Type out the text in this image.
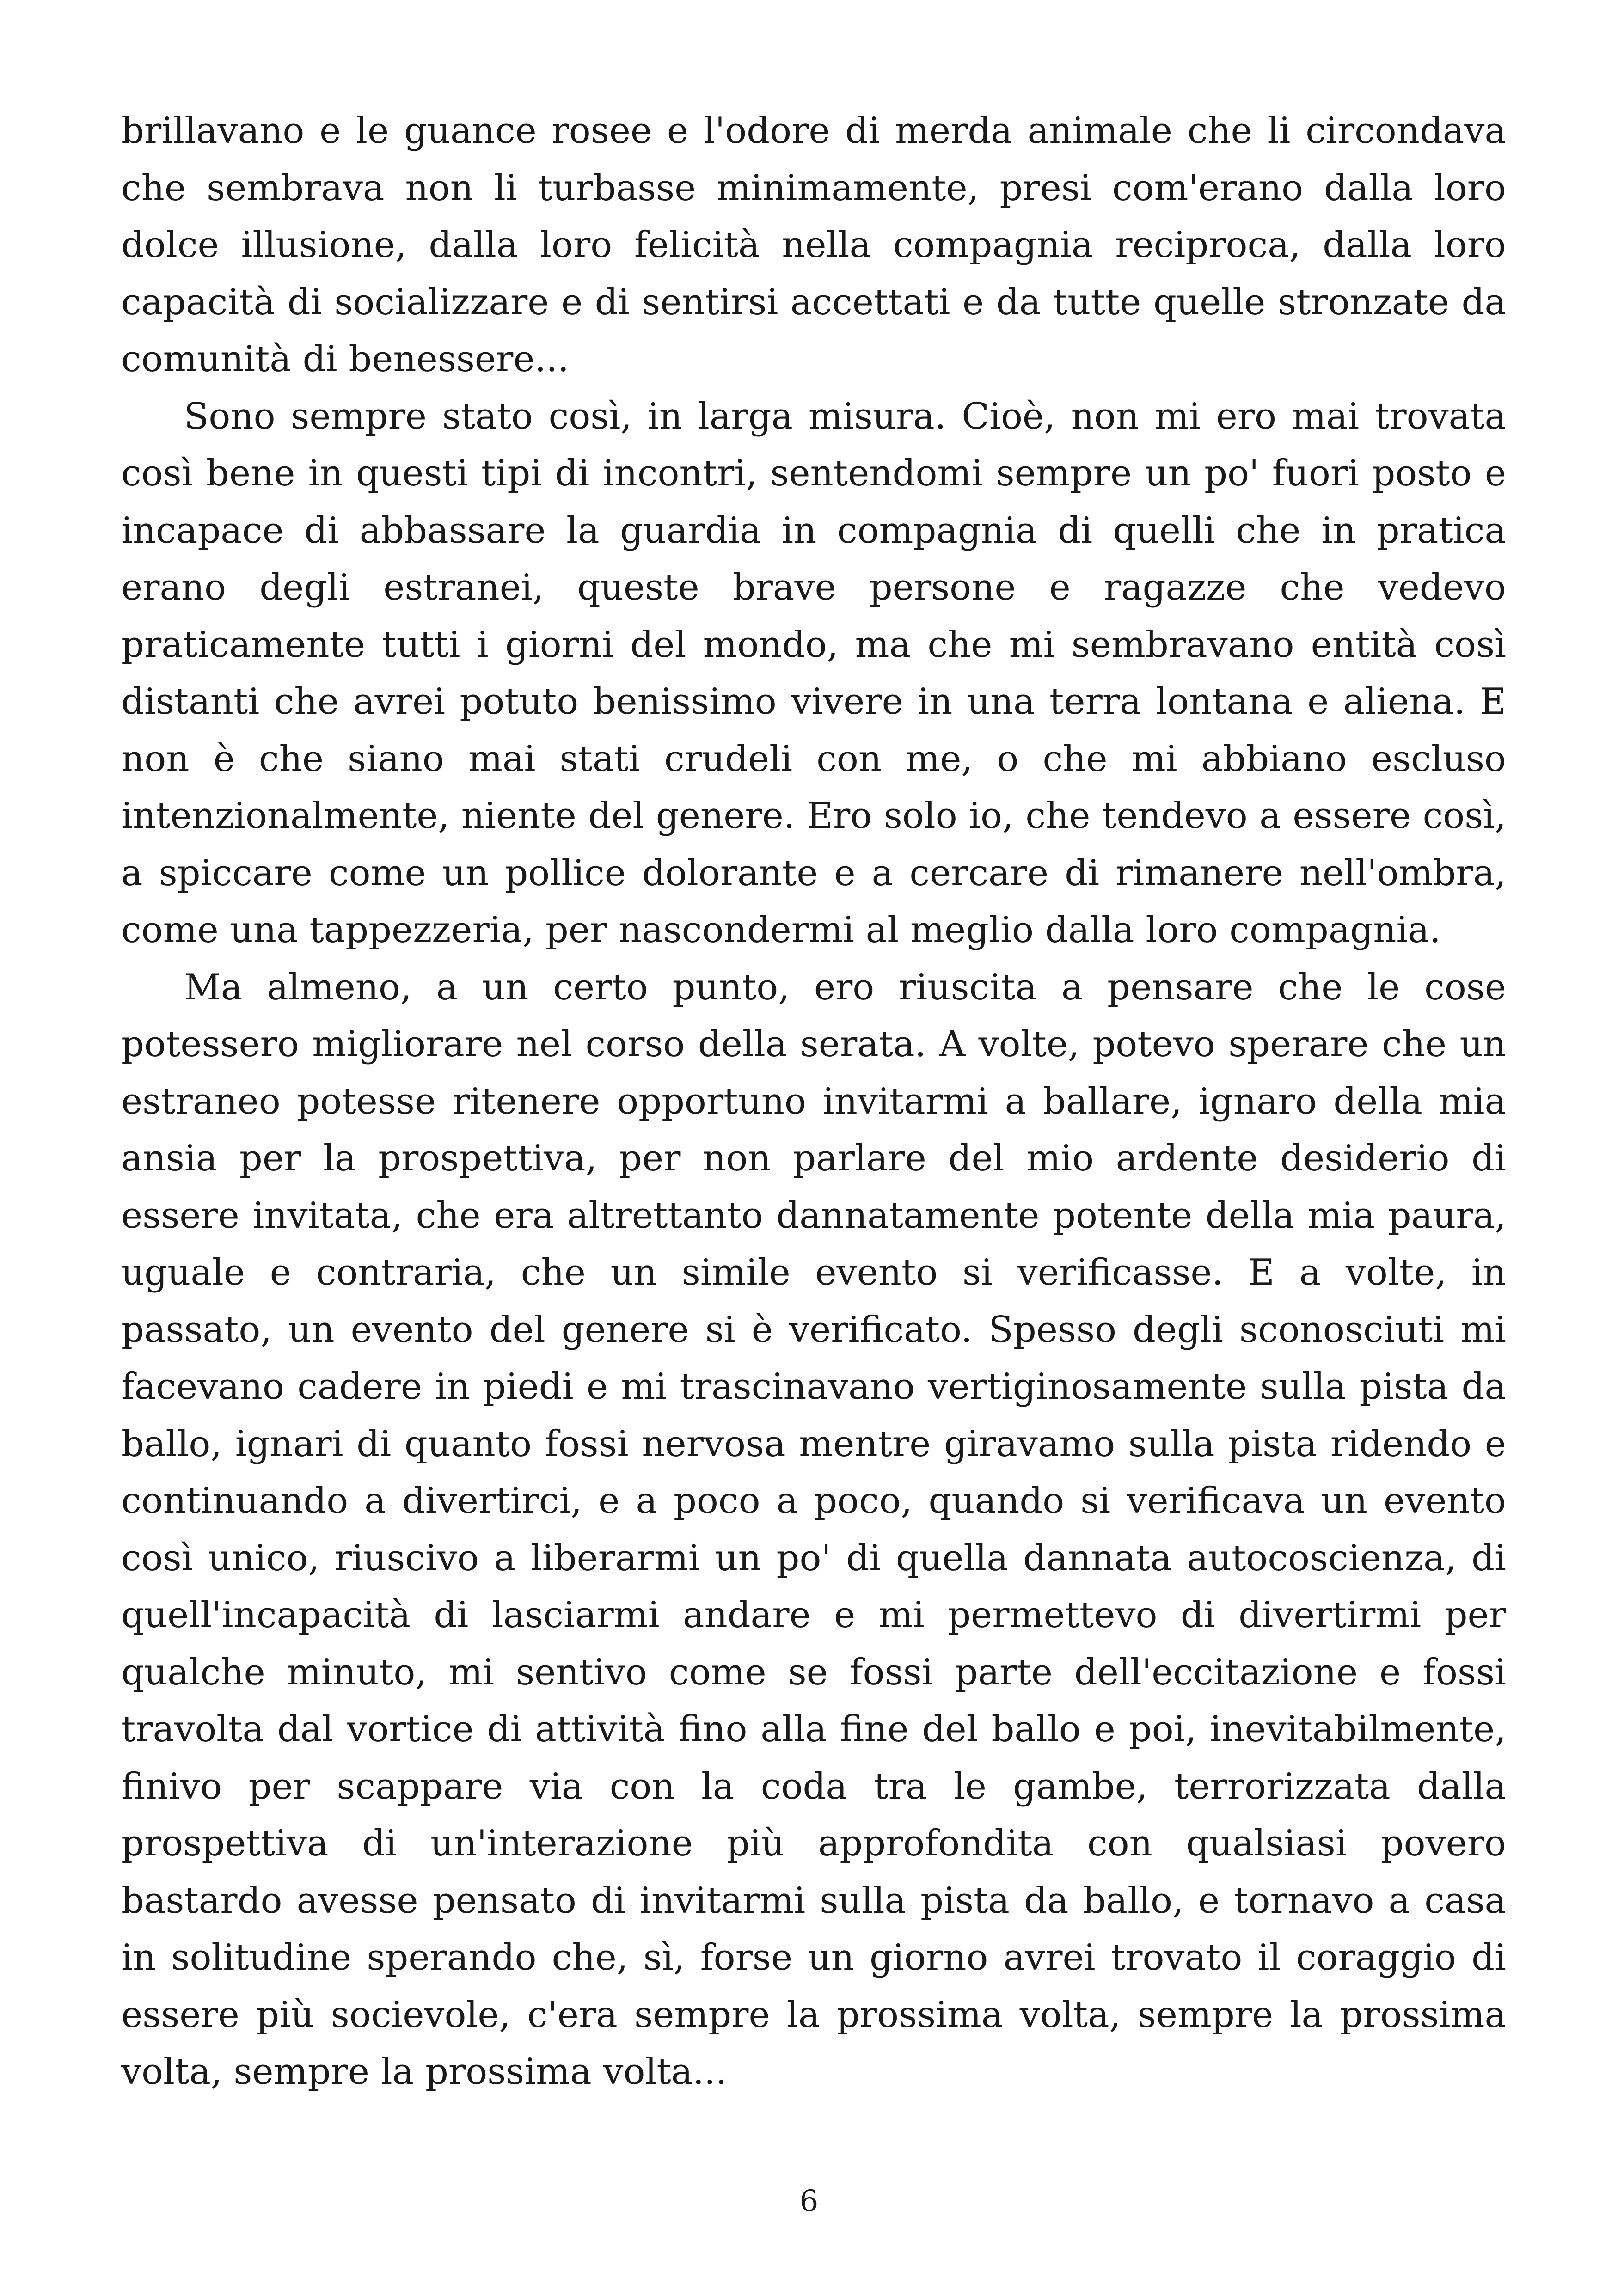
brillavano e le guance rosee e l'odore di merda animale che li circondava che sembrava non li turbasse minimamente, presi com'erano dalla loro dolce illusione, dalla loro felicità nella compagnia reciproca, dalla loro capacità di socializzare e di sentirsi accettati e da tutte quelle stronzate da comunità di benessere...

Sono sempre stato così, in larga misura. Cioè, non mi ero mai trovata così bene in questi tipi di incontri, sentendomi sempre un po' fuori posto e incapace di abbassare la guardia in compagnia di quelli che in pratica erano degli estranei, queste brave persone e ragazze che vedevo praticamente tutti i giorni del mondo, ma che mi sembravano entità così distanti che avrei potuto benissimo vivere in una terra lontana e aliena. E non è che siano mai stati crudeli con me, o che mi abbiano escluso intenzionalmente, niente del genere. Ero solo io, che tendevo a essere così, a spiccare come un pollice dolorante e a cercare di rimanere nell'ombra, come una tappezzeria, per nascondermi al meglio dalla loro compagnia.

Ma almeno, a un certo punto, ero riuscita a pensare che le cose potessero migliorare nel corso della serata. A volte, potevo sperare che un estraneo potesse ritenere opportuno invitarmi a ballare, ignaro della mia ansia per la prospettiva, per non parlare del mio ardente desiderio di essere invitata, che era altrettanto dannatamente potente della mia paura, uguale e contraria, che un simile evento si verificasse. E a volte, in passato, un evento del genere si è verificato. Spesso degli sconosciuti mi facevano cadere in piedi e mi trascinavano vertiginosamente sulla pista da ballo, ignari di quanto fossi nervosa mentre giravamo sulla pista ridendo e continuando a divertirci, e a poco a poco, quando si verificava un evento così unico, riuscivo a liberarmi un po' di quella dannata autocoscienza, di quell'incapacità di lasciarmi andare e mi permettevo di divertirmi per qualche minuto, mi sentivo come se fossi parte dell'eccitazione e fossi travolta dal vortice di attività fino alla fine del ballo e poi, inevitabilmente, finivo per scappare via con la coda tra le gambe, terrorizzata dalla prospettiva di un'interazione più approfondita con qualsiasi povero bastardo avesse pensato di invitarmi sulla pista da ballo, e tornavo a casa in solitudine sperando che, sì, forse un giorno avrei trovato il coraggio di essere più socievole, c'era sempre la prossima volta, sempre la prossima volta, sempre la prossima volta...

6
